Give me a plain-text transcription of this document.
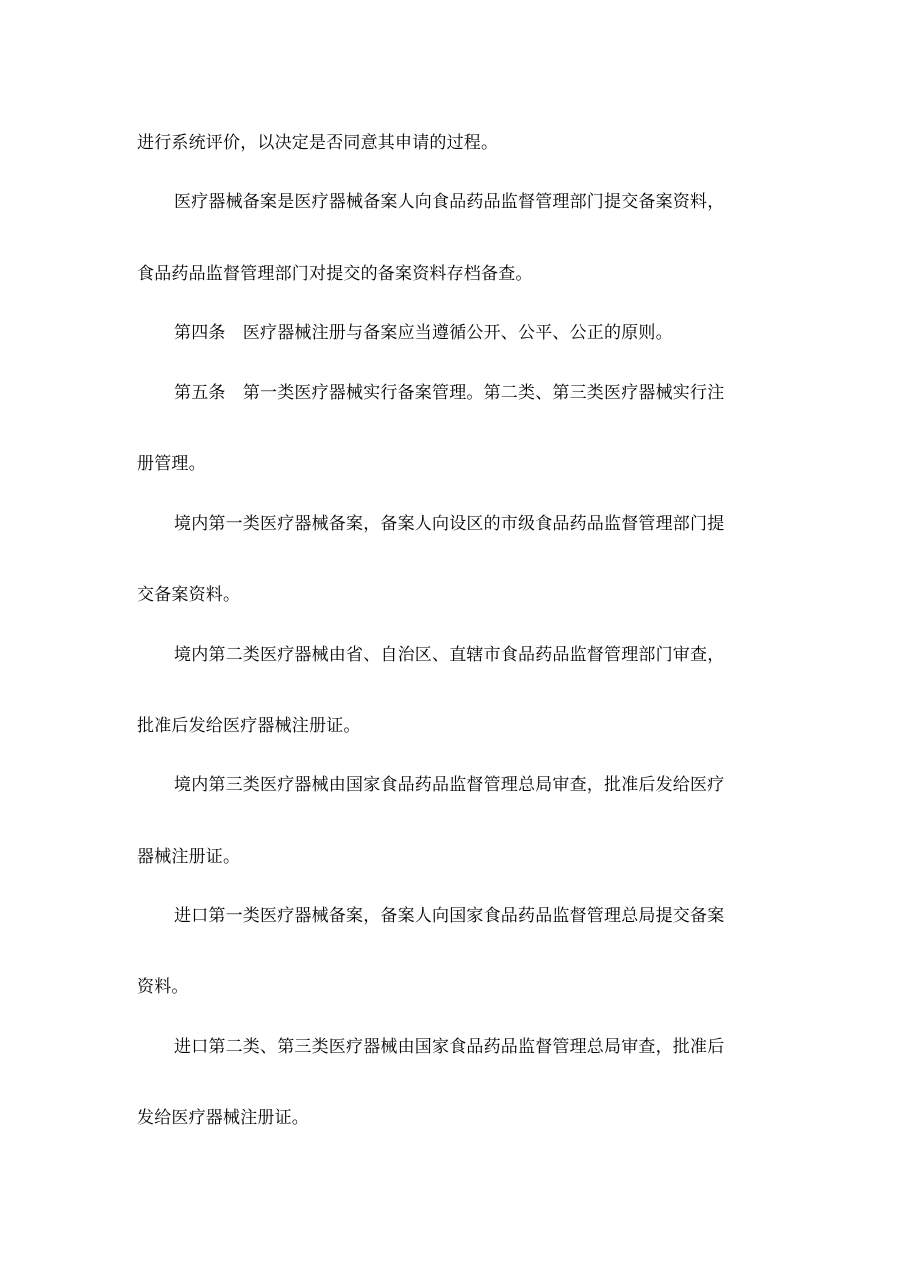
进行系统评价，以决定是否同意其申请的过程。
医疗器械备案是医疗器械备案人向食品药品监督管理部门提交备案资料，
食品药品监督管理部门对提交的备案资料存档备查。
第四条　医疗器械注册与备案应当遵循公开、公平、公正的原则。
第五条　第一类医疗器械实行备案管理。第二类、第三类医疗器械实行注
册管理。
境内第一类医疗器械备案，备案人向设区的市级食品药品监督管理部门提
交备案资料。
境内第二类医疗器械由省、自治区、直辖市食品药品监督管理部门审查，
批准后发给医疗器械注册证。
境内第三类医疗器械由国家食品药品监督管理总局审查，批准后发给医疗
器械注册证。
进口第一类医疗器械备案，备案人向国家食品药品监督管理总局提交备案
资料。
进口第二类、第三类医疗器械由国家食品药品监督管理总局审查，批准后
发给医疗器械注册证。
